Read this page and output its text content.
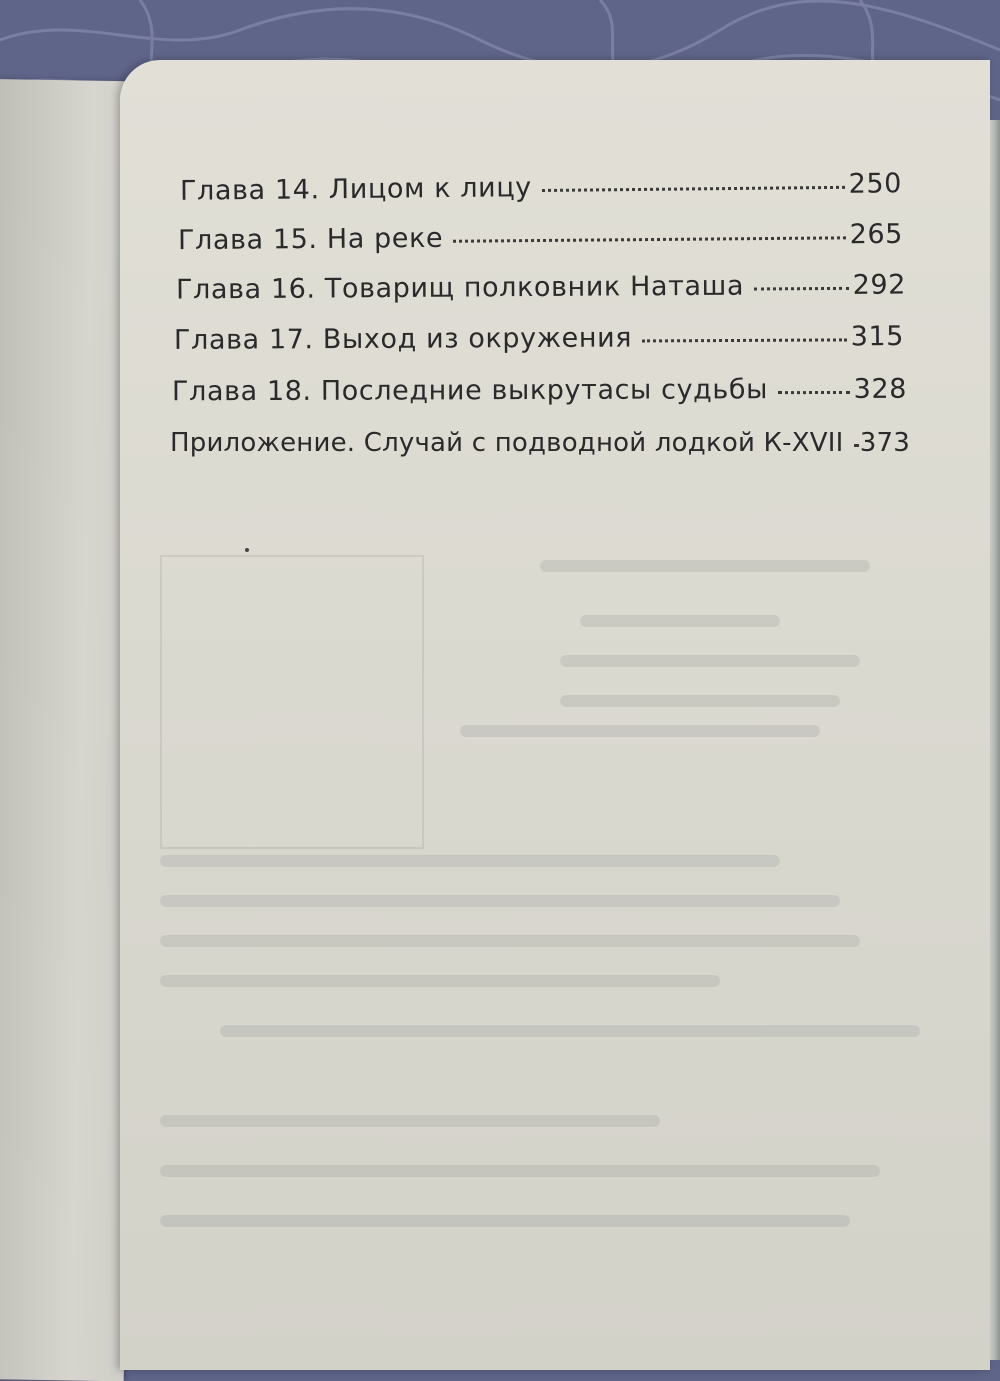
Глава 14. Лицом к лицу	250
Глава 15. На реке	265
Глава 16. Товарищ полковник Наташа	292
Глава 17. Выход из окружения	315
Глава 18. Последние выкрутасы судьбы	328
Приложение. Случай с подводной лодкой К-XVII 373
